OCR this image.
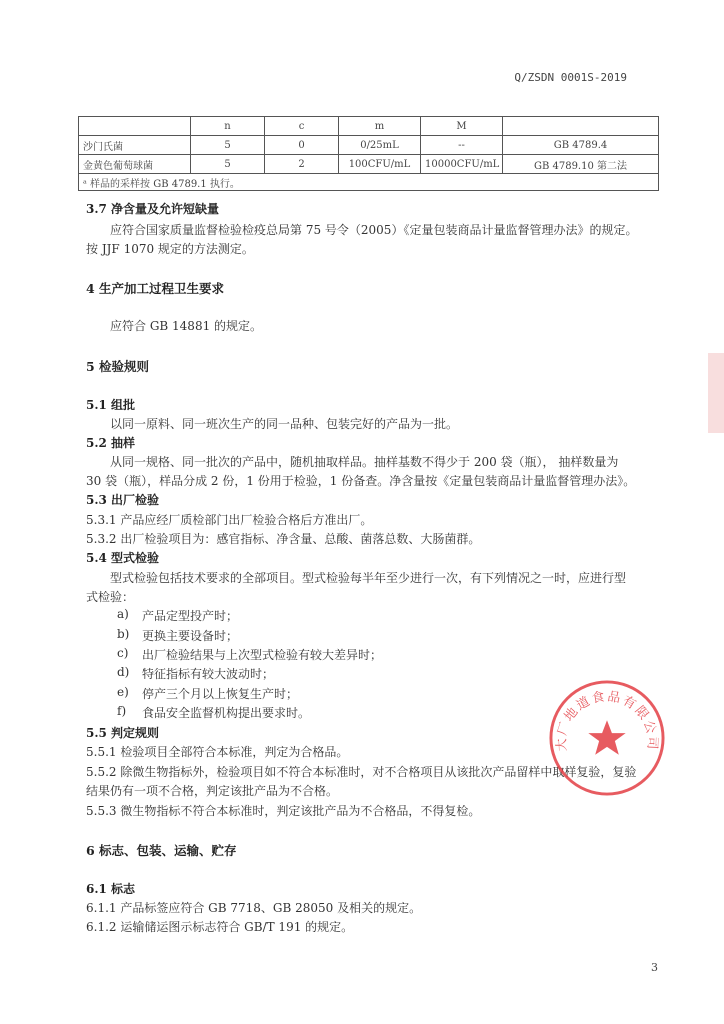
Q/ZSDN 0001S-2019
	n	c	m	M	
沙门氏菌	5	0	0/25mL	--	GB 4789.4
金黄色葡萄球菌	5	2	100CFU/mL	10000CFU/mL	GB 4789.10 第二法
ᵃ 样品的采样按 GB 4789.1 执行。					
3.7 净含量及允许短缺量
应符合国家质量监督检验检疫总局第 75 号令（2005）《定量包装商品计量监督管理办法》的规定。
按 JJF 1070 规定的方法测定。
4 生产加工过程卫生要求
应符合 GB 14881 的规定。
5 检验规则
5.1 组批
以同一原料、同一班次生产的同一品种、包装完好的产品为一批。
5.2 抽样
从同一规格、同一批次的产品中，随机抽取样品。抽样基数不得少于 200 袋（瓶）， 抽样数量为
30 袋（瓶），样品分成 2 份，1 份用于检验，1 份备查。净含量按《定量包装商品计量监督管理办法》。
5.3 出厂检验
5.3.1 产品应经厂质检部门出厂检验合格后方准出厂。
5.3.2 出厂检验项目为：感官指标、净含量、总酸、菌落总数、大肠菌群。
5.4 型式检验
型式检验包括技术要求的全部项目。型式检验每半年至少进行一次，有下列情况之一时，应进行型
式检验：
a) 产品定型投产时；
b) 更换主要设备时；
c) 出厂检验结果与上次型式检验有较大差异时；
d) 特征指标有较大波动时；
e) 停产三个月以上恢复生产时；
f) 食品安全监督机构提出要求时。
5.5 判定规则
5.5.1 检验项目全部符合本标准，判定为合格品。
5.5.2 除微生物指标外，检验项目如不符合本标准时，对不合格项目从该批次产品留样中取样复验，复验
结果仍有一项不合格，判定该批产品为不合格。
5.5.3 微生物指标不符合本标准时，判定该批产品为不合格品，不得复检。
6 标志、包装、运输、贮存
6.1 标志
6.1.1 产品标签应符合 GB 7718、GB 28050 及相关的规定。
6.1.2 运输储运图示标志符合 GB/T 191 的规定。
3
大厂地道食品有限公司
